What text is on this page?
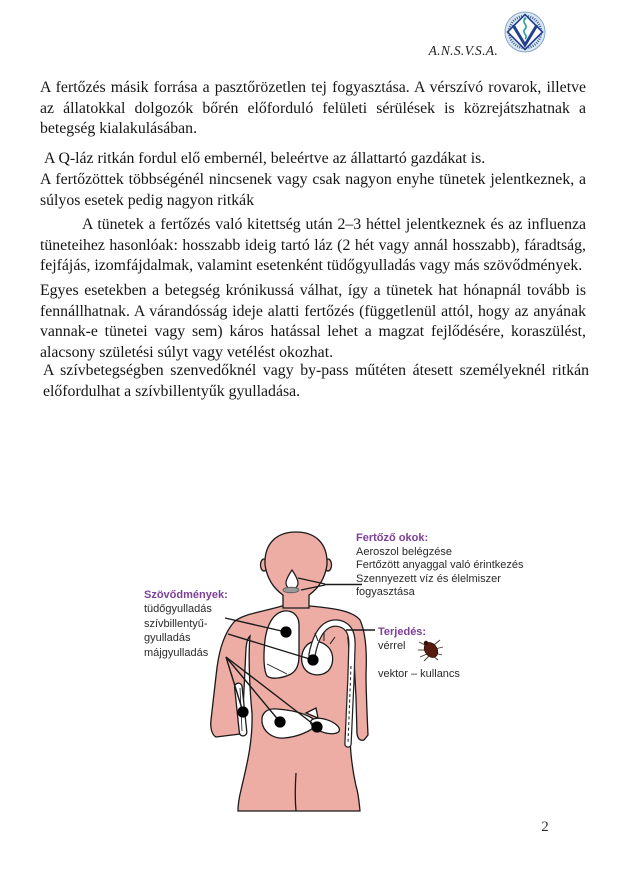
A.N.S.V.S.A.

A fertőzés másik forrása a pasztőrözetlen tej fogyasztása. A vérszívó rovarok, illetve az állatokkal dolgozók bőrén előforduló felületi sérülések is közrejátszhatnak a betegség kialakulásában.

A Q-láz ritkán fordul elő embernél, beleértve az állattartó gazdákat is.

A fertőzöttek többségénél nincsenek vagy csak nagyon enyhe tünetek jelentkeznek, a súlyos esetek pedig nagyon ritkák

A tünetek a fertőzés való kitettség után 2–3 héttel jelentkeznek és az influenza tüneteihez hasonlóak: hosszabb ideig tartó láz (2 hét vagy annál hosszabb), fáradtság, fejfájás, izomfájdalmak, valamint esetenként tüdőgyulladás vagy más szövődmények.

Egyes esetekben a betegség krónikussá válhat, így a tünetek hat hónapnál tovább is fennállhatnak. A várandósság ideje alatti fertőzés (függetlenül attól, hogy az anyának vannak-e tünetei vagy sem) káros hatással lehet a magzat fejlődésére, koraszülést, alacsony születési súlyt vagy vetélést okozhat.

A szívbetegségben szenvedőknél vagy by-pass műtéten átesett személyeknél ritkán előfordulhat a szívbillentyűk gyulladása.

Szövődmények:
tüdőgyulladás
szívbillentyű-
gyulladás
májgyulladás
Fertőző okok:
Aeroszol belégzése
Fertőzött anyaggal való érintkezés
Szennyezett víz és élelmiszer
fogyasztása
Terjedés:
vérrel
vektor – kullancs
2
